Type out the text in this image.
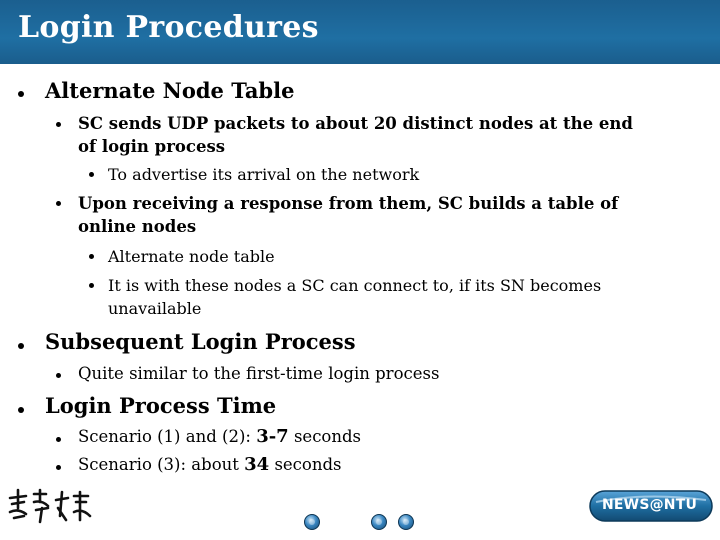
Login Procedures
Alternate Node Table
SC sends UDP packets to about 20 distinct nodes at the end
of login process
To advertise its arrival on the network
Upon receiving a response from them, SC builds a table of
online nodes
Alternate node table
It is with these nodes a SC can connect to, if its SN becomes
unavailable
Subsequent Login Process
Quite similar to the first-time login process
Login Process Time
Scenario (1) and (2): 3-7 seconds
Scenario (3): about 34 seconds
NEWS@NTU
